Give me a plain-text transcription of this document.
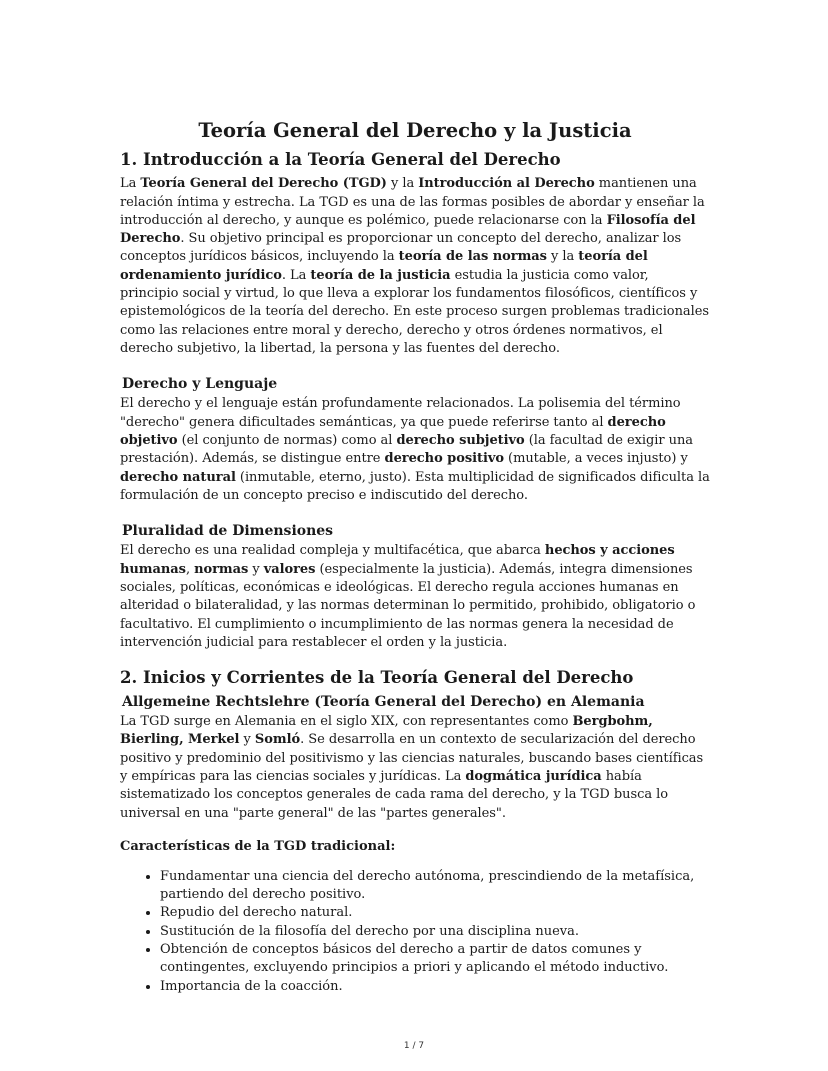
Teoría General del Derecho y la Justicia
1. Introducción a la Teoría General del Derecho

La Teoría General del Derecho (TGD) y la Introducción al Derecho mantienen una relación íntima y estrecha. La TGD es una de las formas posibles de abordar y enseñar la introducción al derecho, y aunque es polémico, puede relacionarse con la Filosofía del Derecho. Su objetivo principal es proporcionar un concepto del derecho, analizar los conceptos jurídicos básicos, incluyendo la teoría de las normas y la teoría del ordenamiento jurídico. La teoría de la justicia estudia la justicia como valor, principio social y virtud, lo que lleva a explorar los fundamentos filosóficos, científicos y epistemológicos de la teoría del derecho. En este proceso surgen problemas tradicionales como las relaciones entre moral y derecho, derecho y otros órdenes normativos, el derecho subjetivo, la libertad, la persona y las fuentes del derecho.

Derecho y Lenguaje

El derecho y el lenguaje están profundamente relacionados. La polisemia del término "derecho" genera dificultades semánticas, ya que puede referirse tanto al derecho objetivo (el conjunto de normas) como al derecho subjetivo (la facultad de exigir una prestación). Además, se distingue entre derecho positivo (mutable, a veces injusto) y derecho natural (inmutable, eterno, justo). Esta multiplicidad de significados dificulta la formulación de un concepto preciso e indiscutido del derecho.

Pluralidad de Dimensiones

El derecho es una realidad compleja y multifacética, que abarca hechos y acciones humanas, normas y valores (especialmente la justicia). Además, integra dimensiones sociales, políticas, económicas e ideológicas. El derecho regula acciones humanas en alteridad o bilateralidad, y las normas determinan lo permitido, prohibido, obligatorio o facultativo. El cumplimiento o incumplimiento de las normas genera la necesidad de intervención judicial para restablecer el orden y la justicia.

2. Inicios y Corrientes de la Teoría General del Derecho
Allgemeine Rechtslehre (Teoría General del Derecho) en Alemania

La TGD surge en Alemania en el siglo XIX, con representantes como Bergbohm, Bierling, Merkel y Somló. Se desarrolla en un contexto de secularización del derecho positivo y predominio del positivismo y las ciencias naturales, buscando bases científicas y empíricas para las ciencias sociales y jurídicas. La dogmática jurídica había sistematizado los conceptos generales de cada rama del derecho, y la TGD busca lo universal en una "parte general" de las "partes generales".

Características de la TGD tradicional:
• Fundamentar una ciencia del derecho autónoma, prescindiendo de la metafísica, partiendo del derecho positivo.
• Repudio del derecho natural.
• Sustitución de la filosofía del derecho por una disciplina nueva.
• Obtención de conceptos básicos del derecho a partir de datos comunes y contingentes, excluyendo principios a priori y aplicando el método inductivo.
• Importancia de la coacción.
1 / 7
